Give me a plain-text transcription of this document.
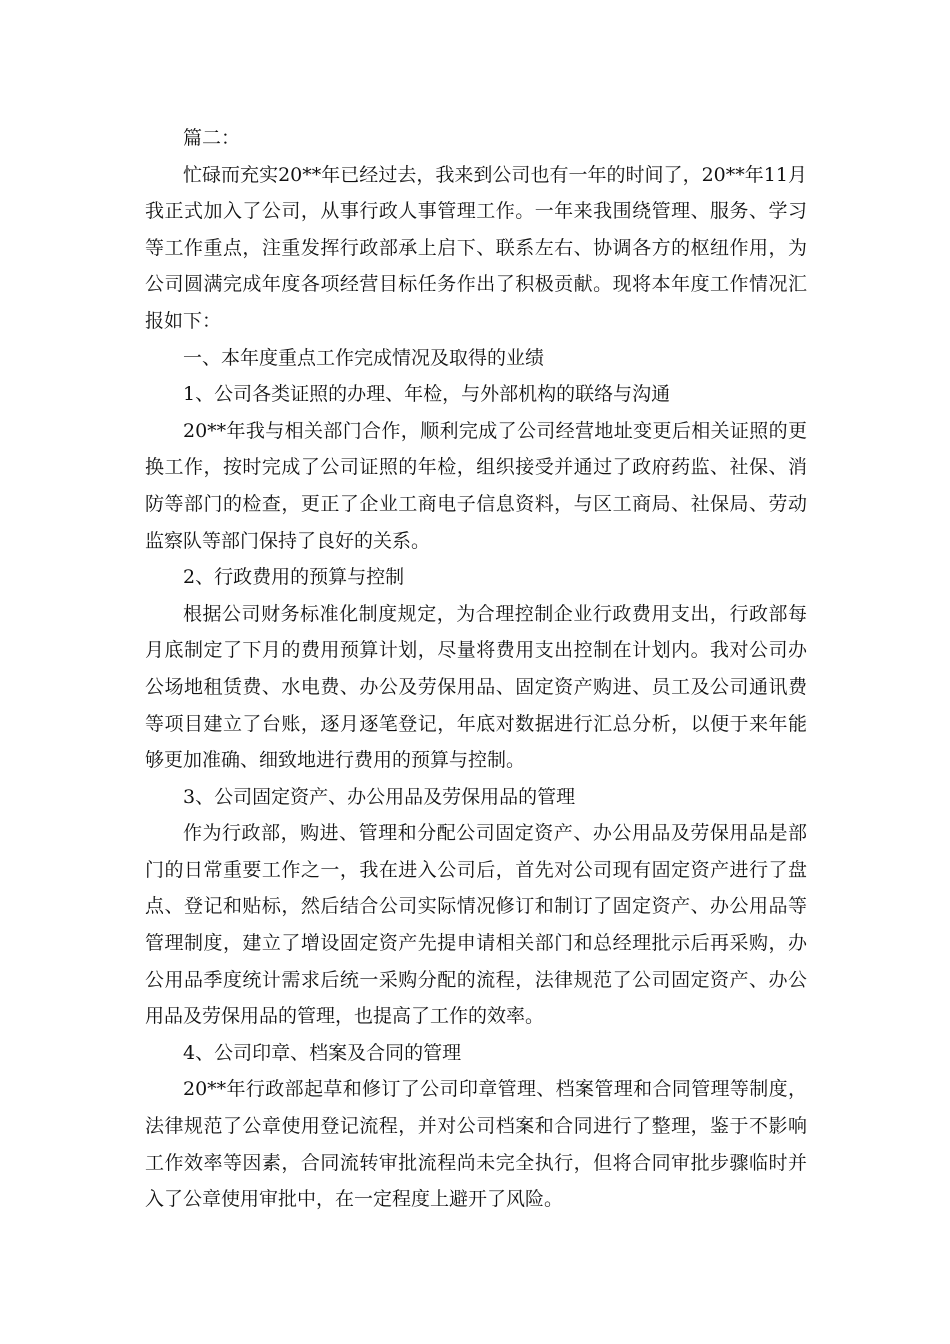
篇二：

忙碌而充实20**年已经过去，我来到公司也有一年的时间了，20**年11月我正式加入了公司，从事行政人事管理工作。一年来我围绕管理、服务、学习等工作重点，注重发挥行政部承上启下、联系左右、协调各方的枢纽作用，为公司圆满完成年度各项经营目标任务作出了积极贡献。现将本年度工作情况汇报如下：

一、本年度重点工作完成情况及取得的业绩

1、公司各类证照的办理、年检，与外部机构的联络与沟通

20**年我与相关部门合作，顺利完成了公司经营地址变更后相关证照的更换工作，按时完成了公司证照的年检，组织接受并通过了政府药监、社保、消防等部门的检查，更正了企业工商电子信息资料，与区工商局、社保局、劳动监察队等部门保持了良好的关系。

2、行政费用的预算与控制

根据公司财务标准化制度规定，为合理控制企业行政费用支出，行政部每月底制定了下月的费用预算计划，尽量将费用支出控制在计划内。我对公司办公场地租赁费、水电费、办公及劳保用品、固定资产购进、员工及公司通讯费等项目建立了台账，逐月逐笔登记，年底对数据进行汇总分析，以便于来年能够更加准确、细致地进行费用的预算与控制。

3、公司固定资产、办公用品及劳保用品的管理

作为行政部，购进、管理和分配公司固定资产、办公用品及劳保用品是部门的日常重要工作之一，我在进入公司后，首先对公司现有固定资产进行了盘点、登记和贴标，然后结合公司实际情况修订和制订了固定资产、办公用品等管理制度，建立了增设固定资产先提申请相关部门和总经理批示后再采购，办公用品季度统计需求后统一采购分配的流程，法律规范了公司固定资产、办公用品及劳保用品的管理，也提高了工作的效率。

4、公司印章、档案及合同的管理

20**年行政部起草和修订了公司印章管理、档案管理和合同管理等制度，法律规范了公章使用登记流程，并对公司档案和合同进行了整理，鉴于不影响工作效率等因素，合同流转审批流程尚未完全执行，但将合同审批步骤临时并入了公章使用审批中，在一定程度上避开了风险。
